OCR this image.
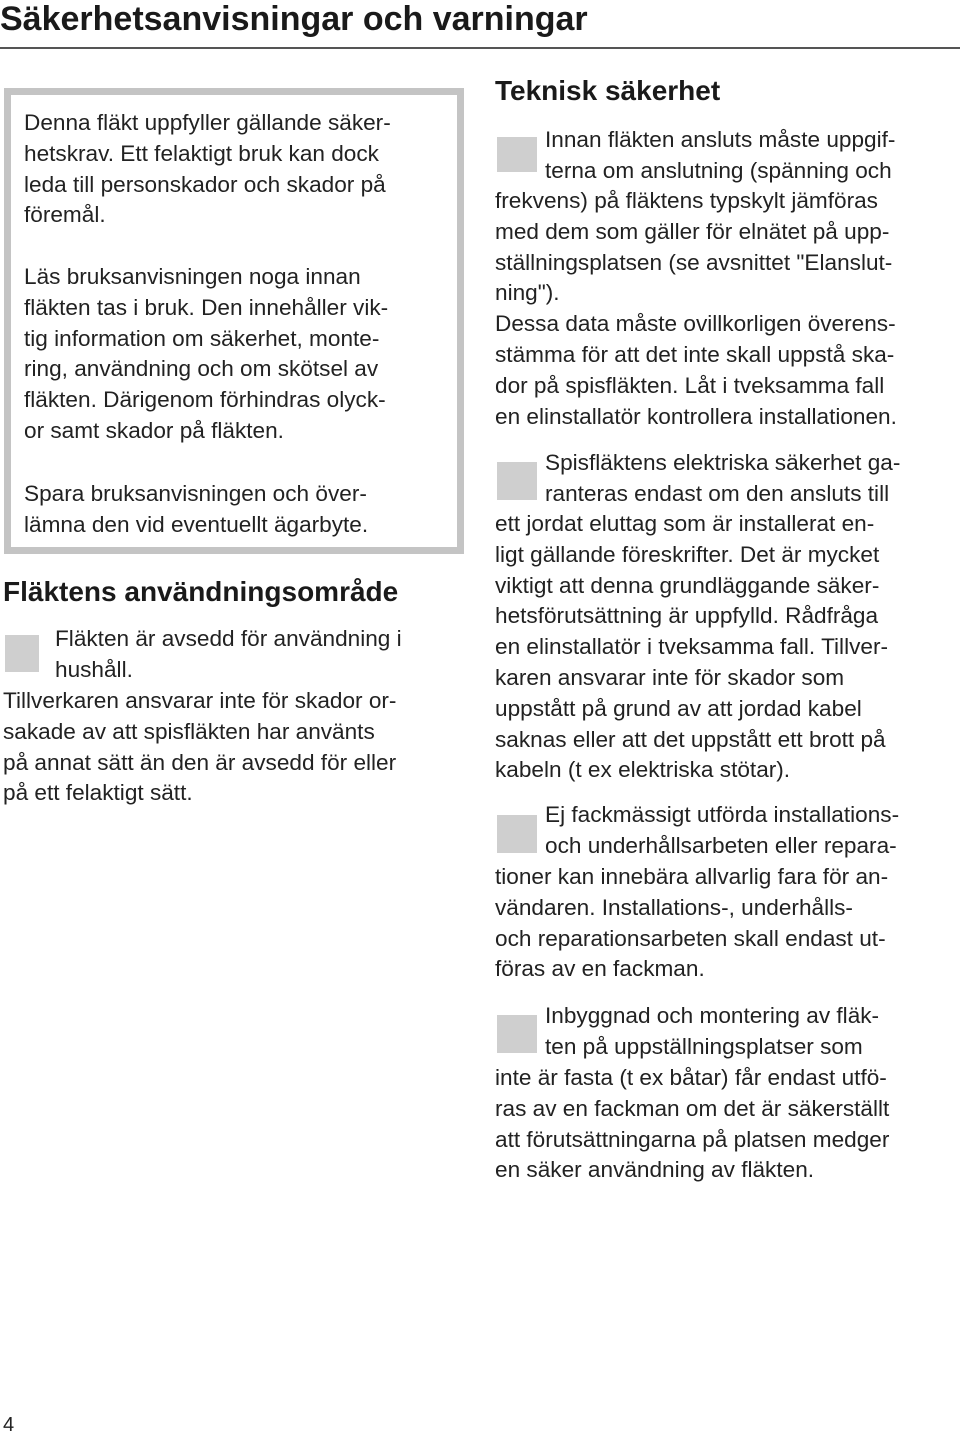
Säkerhetsanvisningar och varningar

Denna fläkt uppfyller gällande säker-
hetskrav. Ett felaktigt bruk kan dock
leda till personskador och skador på
föremål.

Läs bruksanvisningen noga innan
fläkten tas i bruk. Den innehåller vik-
tig information om säkerhet, monte-
ring, användning och om skötsel av
fläkten. Därigenom förhindras olyck-
or samt skador på fläkten.

Spara bruksanvisningen och över-
lämna den vid eventuellt ägarbyte.

Fläktens användningsområde

Fläkten är avsedd för användning i
hushåll.

Tillverkaren ansvarar inte för skador or-
sakade av att spisfläkten har använts
på annat sätt än den är avsedd för eller
på ett felaktigt sätt.

Teknisk säkerhet

Innan fläkten ansluts måste uppgif-
terna om anslutning (spänning och

frekvens) på fläktens typskylt jämföras
med dem som gäller för elnätet på upp-
ställningsplatsen (se avsnittet "Elanslut-
ning").
Dessa data måste ovillkorligen överens-
stämma för att det inte skall uppstå ska-
dor på spisfläkten. Låt i tveksamma fall
en elinstallatör kontrollera installationen.

Spisfläktens elektriska säkerhet ga-
ranteras endast om den ansluts till

ett jordat eluttag som är installerat en-
ligt gällande föreskrifter. Det är mycket
viktigt att denna grundläggande säker-
hetsförutsättning är uppfylld. Rådfråga
en elinstallatör i tveksamma fall. Tillver-
karen ansvarar inte för skador som
uppstått på grund av att jordad kabel
saknas eller att det uppstått ett brott på
kabeln (t ex elektriska stötar).

Ej fackmässigt utförda installations-
och underhållsarbeten eller repara-

tioner kan innebära allvarlig fara för an-
vändaren. Installations-, underhålls-
och reparationsarbeten skall endast ut-
föras av en fackman.

Inbyggnad och montering av fläk-
ten på uppställningsplatser som

inte är fasta (t ex båtar) får endast utfö-
ras av en fackman om det är säkerställt
att förutsättningarna på platsen medger
en säker användning av fläkten.

4
